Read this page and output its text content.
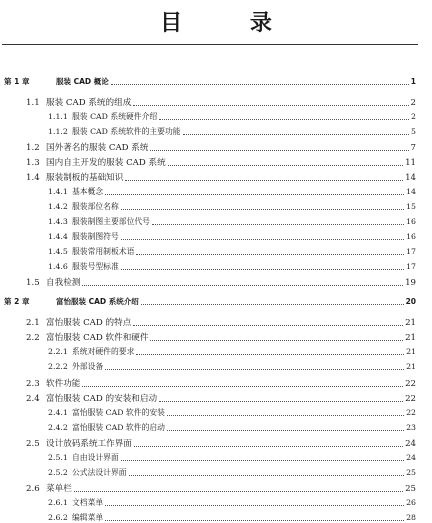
目 录
第 1 章	服装 CAD 概论	1
1.1 服装 CAD 系统的组成	2
1.1.1 服装 CAD 系统硬件介绍	2
1.1.2 服装 CAD 系统软件的主要功能	5
1.2 国外著名的服装 CAD 系统	7
1.3 国内自主开发的服装 CAD 系统	11
1.4 服装制板的基础知识	14
1.4.1 基本概念	14
1.4.2 服装部位名称	15
1.4.3 服装制图主要部位代号	16
1.4.4 服装制图符号	16
1.4.5 服装常用制板术语	17
1.4.6 服装号型标准	17
1.5 自我检测	19
第 2 章	富怡服装 CAD 系统介绍	20
2.1 富怡服装 CAD 的特点	21
2.2 富怡服装 CAD 软件和硬件	21
2.2.1 系统对硬件的要求	21
2.2.2 外部设备	21
2.3 软件功能	22
2.4 富怡服装 CAD 的安装和启动	22
2.4.1 富怡服装 CAD 软件的安装	22
2.4.2 富怡服装 CAD 软件的启动	23
2.5 设计放码系统工作界面	24
2.5.1 自由设计界面	24
2.5.2 公式法设计界面	25
2.6 菜单栏	25
2.6.1 文档菜单	26
2.6.2 编辑菜单	28
